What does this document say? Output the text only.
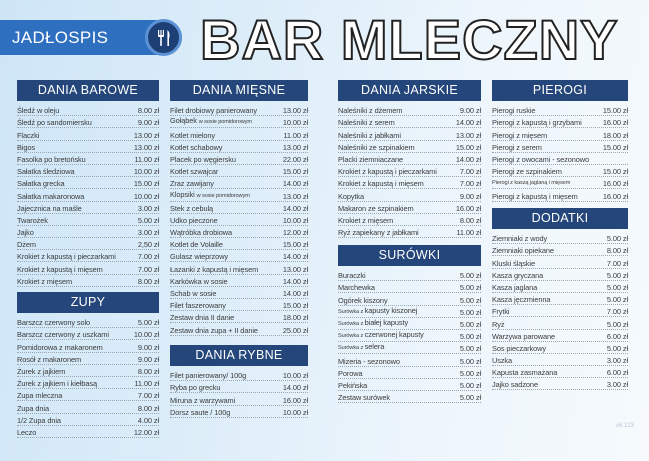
JADŁOSPIS BAR MLECZNY
DANIA BAROWE
Śledź w oleju	8.00 zł
Śledź po sandomiersku	9.00 zł
Flaczki	13.00 zł
Bigos	13.00 zł
Fasolka po bretońsku	11.00 zł
Sałatka śledziowa	10.00 zł
Sałatka grecka	15.00 zł
Sałatka makaronowa	10.00 zł
Jajecznica na maśle	3.00 zł
Twarożek	5.00 zł
Jajko	3.00 zł
Dżem	2,50 zł
Krokiet z kapustą i pieczarkami	7.00 zł
Krokiet z kapustą i mięsem	7.00 zł
Krokiet z mięsem	8.00 zł
ZUPY
Barszcz czerwony solo	5.00 zł
Barszcz czerwony z uszkami	10.00 zł
Pomidorowa z makaronem	9.00 zł
Rosół z makaronem	9.00 zł
Żurek z jajkiem	8.00 zł
Żurek z jajkiem i kiełbasą	11.00 zł
Zupa mleczna	7.00 zł
Zupa dnia	8.00 zł
1/2 Zupa dnia	4.00 zł
Leczo	12.00 zł
DANIA MIĘSNE
Filet drobiowy panierowany	13.00 zł
Gołąbek w sosie pomidorowym	10.00 zł
Kotlet mielony	11.00 zł
Kotlet schabowy	13.00 zł
Placek po węgiersku	22.00 zł
Kotlet szwajcar	15.00 zł
Zraz zawijany	14.00 zł
Klopsiki w sosie pomidorowym	13.00 zł
Stek z cebulą	14.00 zł
Udko pieczone	10.00 zł
Wątróbka drobiowa	12.00 zł
Kotlet de Volaille	15.00 zł
Gulasz wieprzowy	14.00 zł
Łazanki z kapustą i mięsem	13.00 zł
Karkówka w sosie	14.00 zł
Schab w sosie	14.00 zł
Filet faszerowany	15.00 zł
Zestaw dnia II danie	18.00 zł
Zestaw dnia zupa + II danie	25.00 zł
DANIA RYBNE
Filet panierowany/ 100g	10.00 zł
Ryba po grecku	14.00 zł
Miruna z warzywami	16.00 zł
Dorsz saute / 100g	10.00 zł
DANIA JARSKIE
Naleśniki z dżemem	9.00 zł
Naleśniki z serem	14.00 zł
Naleśniki z jabłkami	13.00 zł
Naleśniki ze szpinakiem	15.00 zł
Placki ziemniaczane	14.00 zł
Krokiet z kapustą i pieczarkami	7.00 zł
Krokiet z kapustą i mięsem	7.00 zł
Kopytka	9.00 zł
Makaron ze szpinakiem	16.00 zł
Krokiet z mięsem	8.00 zł
Ryż zapiekany z jabłkami	11.00 zł
SURÓWKI
Buraczki	5.00 zł
Marchewka	5.00 zł
Ogórek kiszony	5.00 zł
Surówka z kapusty kiszonej	5.00 zł
Surówka z białej kapusty	5.00 zł
Surówka z czerwonej kapusty	5.00 zł
Surówka z selera	5.00 zł
Mizeria - sezonowo	5.00 zł
Porowa	5.00 zł
Pekińska	5.00 zł
Zestaw surówek	5.00 zł
PIEROGI
Pierogi ruskie	15.00 zł
Pierogi z kapustą i grzybami	16.00 zł
Pierogi z mięsem	18.00 zł
Pierogi z serem	15.00 zł
Pierogi z owocami - sezonowo
Pierogi ze szpinakiem	15.00 zł
Pierogi z kaszą jaglaną i mięsem	16.00 zł
Pierogi z kapustą i mięsem	16.00 zł
DODATKI
Ziemniaki z wody	5.00 zł
Ziemniaki opiekane	8.00 zł
Kluski śląskie	7.00 zł
Kasza gryczana	5.00 zł
Kasza jaglana	5.00 zł
Kasza jęczmienna	5.00 zł
Frytki	7.00 zł
Ryż	5.00 zł
Warzywa parowane	6.00 zł
Sos pieczarkowy	5.00 zł
Uszka	3.00 zł
Kapusta zasmażana	6.00 zł
Jajko sadzone	3.00 zł
v6.123
